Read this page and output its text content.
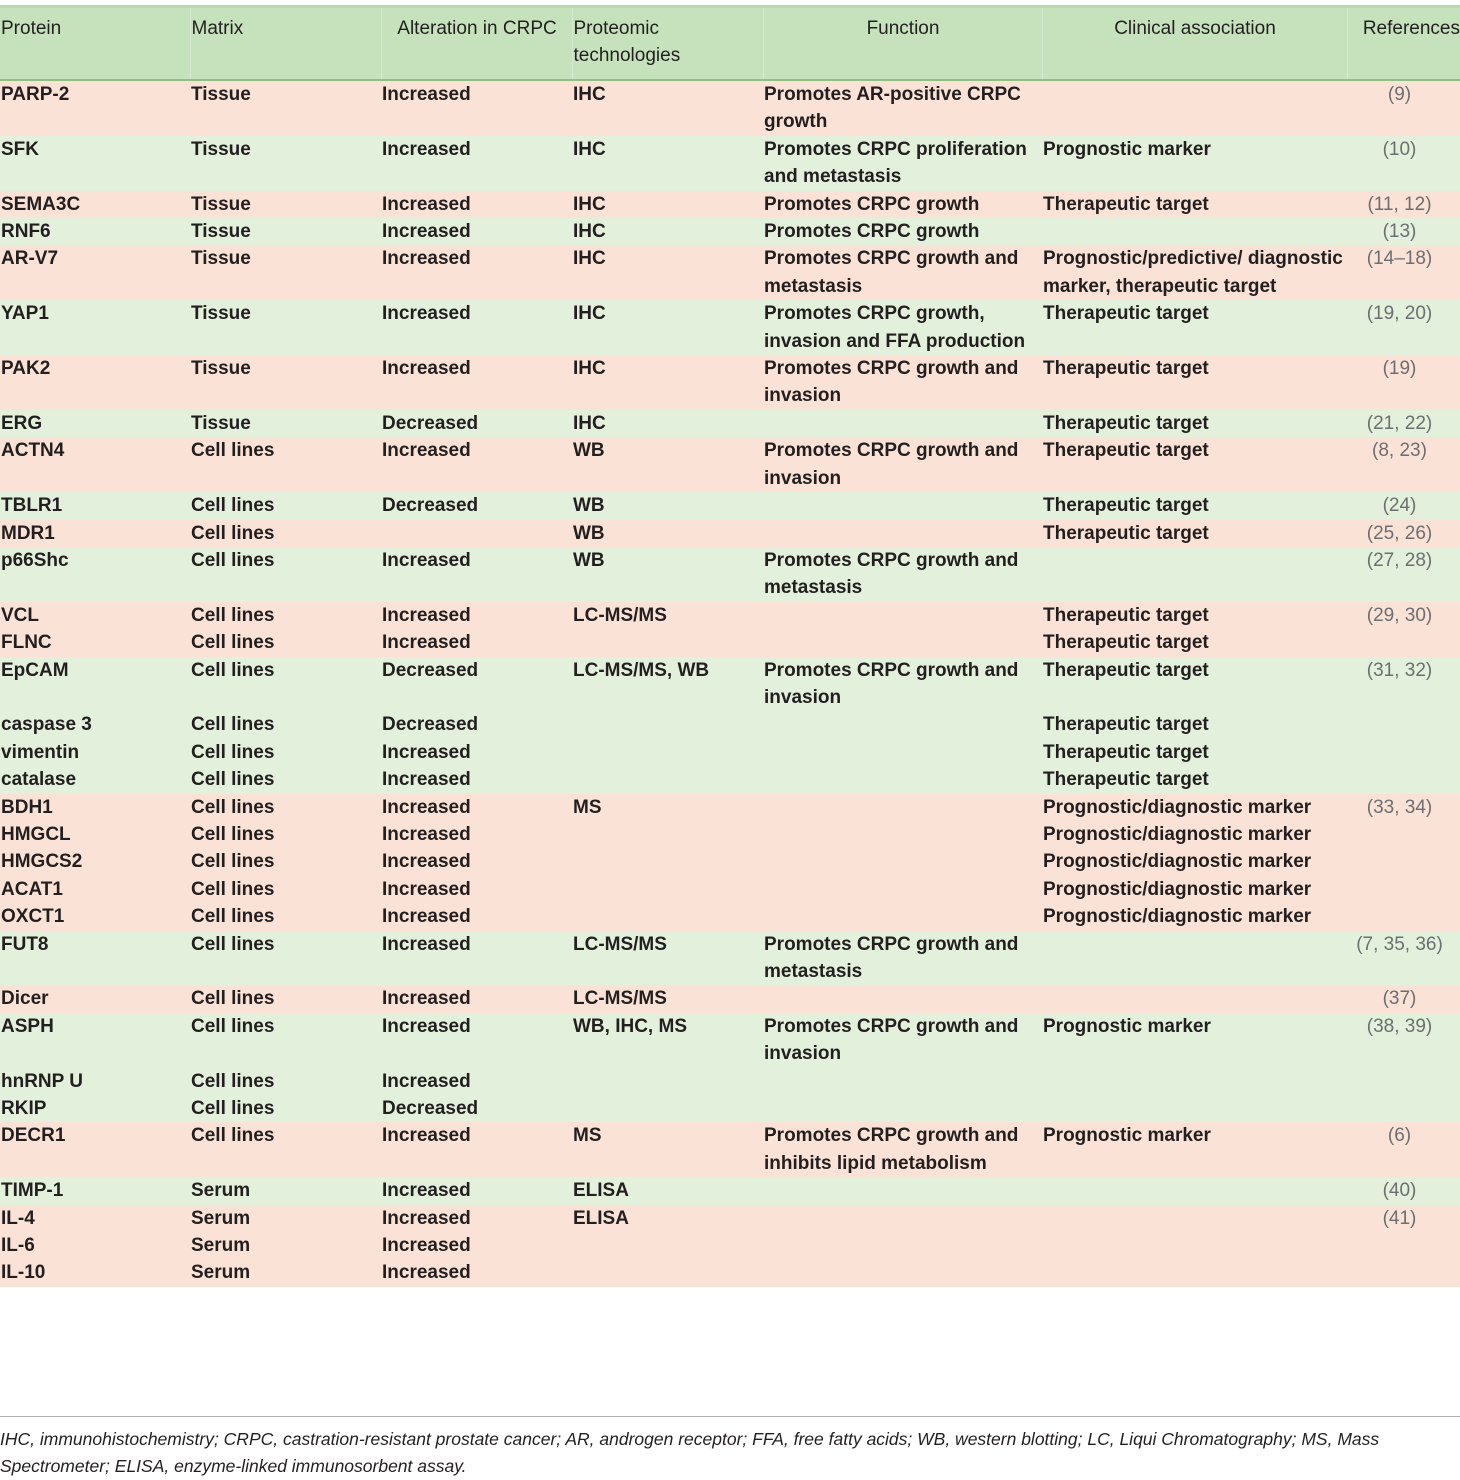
Protein	Matrix	Alteration in CRPC	Proteomic technologies	Function	Clinical association	References

PARP-2	Tissue	Increased	IHC	Promotes AR-positive CRPC growth		(9)
SFK	Tissue	Increased	IHC	Promotes CRPC proliferation and metastasis	Prognostic marker	(10)
SEMA3C	Tissue	Increased	IHC	Promotes CRPC growth	Therapeutic target	(11, 12)
RNF6	Tissue	Increased	IHC	Promotes CRPC growth		(13)
AR-V7	Tissue	Increased	IHC	Promotes CRPC growth and metastasis	Prognostic/predictive/ diagnostic marker, therapeutic target	(14–18)
YAP1	Tissue	Increased	IHC	Promotes CRPC growth, invasion and FFA production	Therapeutic target	(19, 20)
PAK2	Tissue	Increased	IHC	Promotes CRPC growth and invasion	Therapeutic target	(19)
ERG	Tissue	Decreased	IHC		Therapeutic target	(21, 22)
ACTN4	Cell lines	Increased	WB	Promotes CRPC growth and invasion	Therapeutic target	(8, 23)
TBLR1	Cell lines	Decreased	WB		Therapeutic target	(24)
MDR1	Cell lines		WB		Therapeutic target	(25, 26)
p66Shc	Cell lines	Increased	WB	Promotes CRPC growth and metastasis		(27, 28)
VCL	Cell lines	Increased	LC-MS/MS		Therapeutic target	(29, 30)
FLNC	Cell lines	Increased			Therapeutic target	
EpCAM	Cell lines	Decreased	LC-MS/MS, WB	Promotes CRPC growth and invasion	Therapeutic target	(31, 32)
caspase 3	Cell lines	Decreased			Therapeutic target	
vimentin	Cell lines	Increased			Therapeutic target	
catalase	Cell lines	Increased			Therapeutic target	
BDH1	Cell lines	Increased	MS		Prognostic/diagnostic marker	(33, 34)
HMGCL	Cell lines	Increased			Prognostic/diagnostic marker	
HMGCS2	Cell lines	Increased			Prognostic/diagnostic marker	
ACAT1	Cell lines	Increased			Prognostic/diagnostic marker	
OXCT1	Cell lines	Increased			Prognostic/diagnostic marker	
FUT8	Cell lines	Increased	LC-MS/MS	Promotes CRPC growth and metastasis		(7, 35, 36)
Dicer	Cell lines	Increased	LC-MS/MS			(37)
ASPH	Cell lines	Increased	WB, IHC, MS	Promotes CRPC growth and invasion	Prognostic marker	(38, 39)
hnRNP U	Cell lines	Increased				
RKIP	Cell lines	Decreased				
DECR1	Cell lines	Increased	MS	Promotes CRPC growth and inhibits lipid metabolism	Prognostic marker	(6)
TIMP-1	Serum	Increased	ELISA			(40)
IL-4	Serum	Increased	ELISA			(41)
IL-6	Serum	Increased				
IL-10	Serum	Increased				
IHC, immunohistochemistry; CRPC, castration-resistant prostate cancer; AR, androgen receptor; FFA, free fatty acids; WB, western blotting; LC, Liqui Chromatography; MS, Mass Spectrometer; ELISA, enzyme-linked immunosorbent assay.
